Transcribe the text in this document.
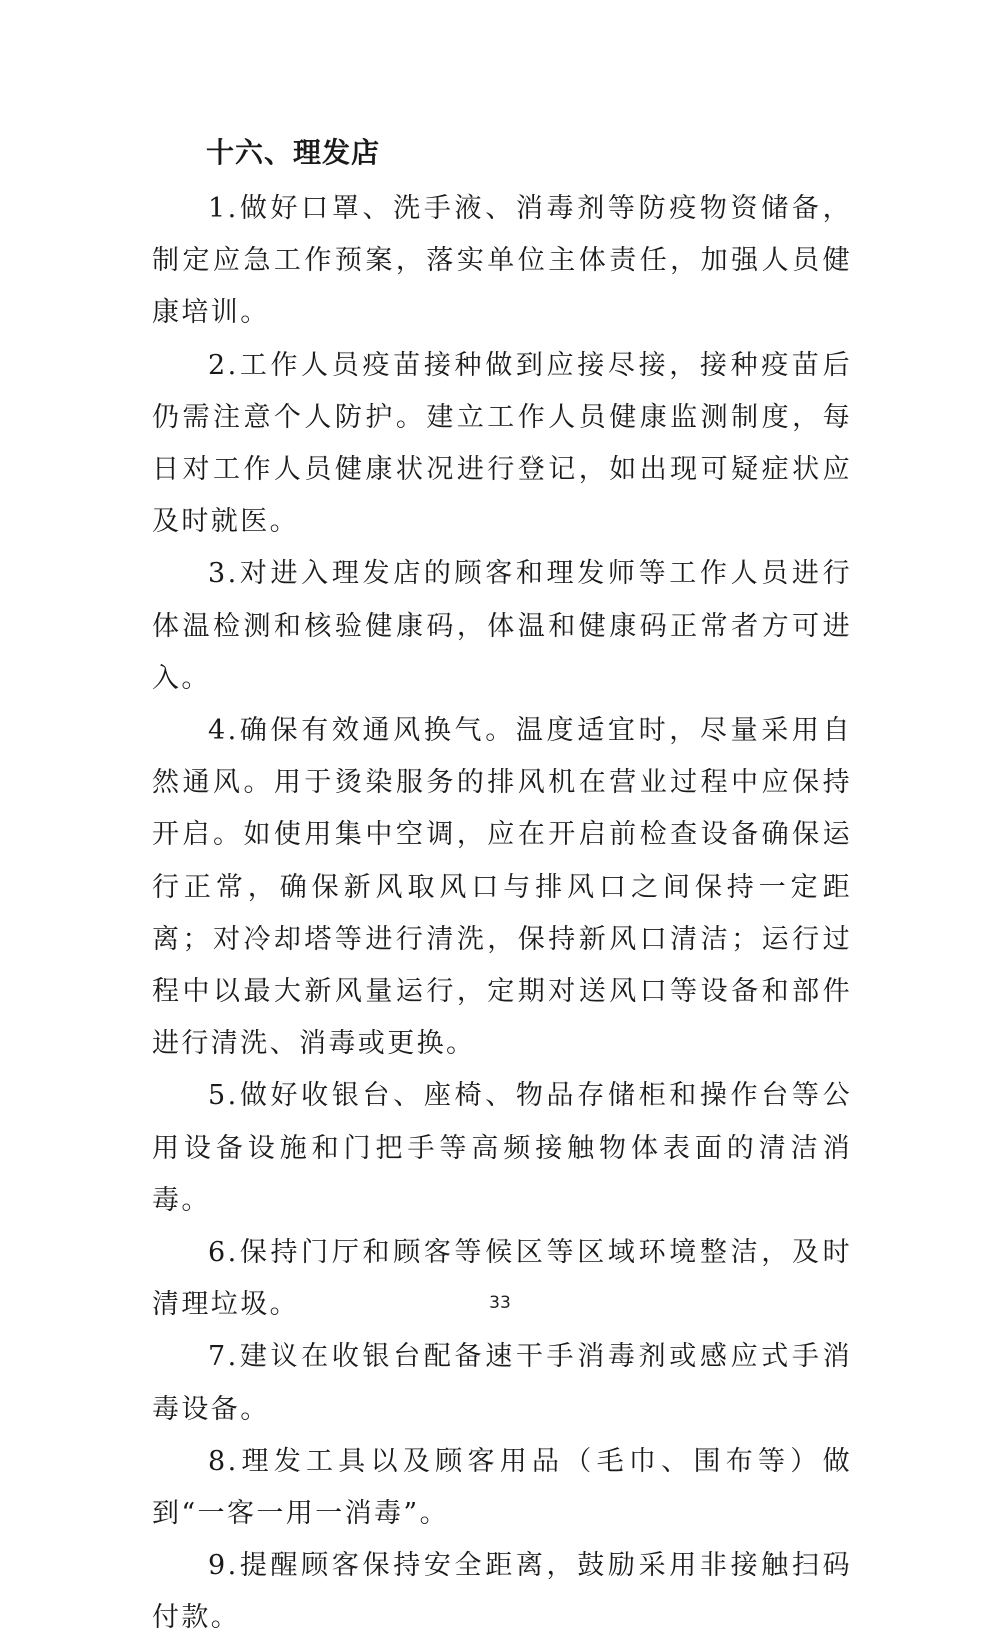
十六、理发店

1.做好口罩、洗手液、消毒剂等防疫物资储备，制定应急工作预案，落实单位主体责任，加强人员健康培训。

2.工作人员疫苗接种做到应接尽接，接种疫苗后仍需注意个人防护。建立工作人员健康监测制度，每日对工作人员健康状况进行登记，如出现可疑症状应及时就医。

3.对进入理发店的顾客和理发师等工作人员进行体温检测和核验健康码，体温和健康码正常者方可进入。

4.确保有效通风换气。温度适宜时，尽量采用自然通风。用于烫染服务的排风机在营业过程中应保持开启。如使用集中空调，应在开启前检查设备确保运行正常，确保新风取风口与排风口之间保持一定距离；对冷却塔等进行清洗，保持新风口清洁；运行过程中以最大新风量运行，定期对送风口等设备和部件进行清洗、消毒或更换。

5.做好收银台、座椅、物品存储柜和操作台等公用设备设施和门把手等高频接触物体表面的清洁消毒。

6.保持门厅和顾客等候区等区域环境整洁，及时清理垃圾。

7.建议在收银台配备速干手消毒剂或感应式手消毒设备。

8.理发工具以及顾客用品（毛巾、围布等）做到“一客一用一消毒”。

9.提醒顾客保持安全距离，鼓励采用非接触扫码付款。

33
